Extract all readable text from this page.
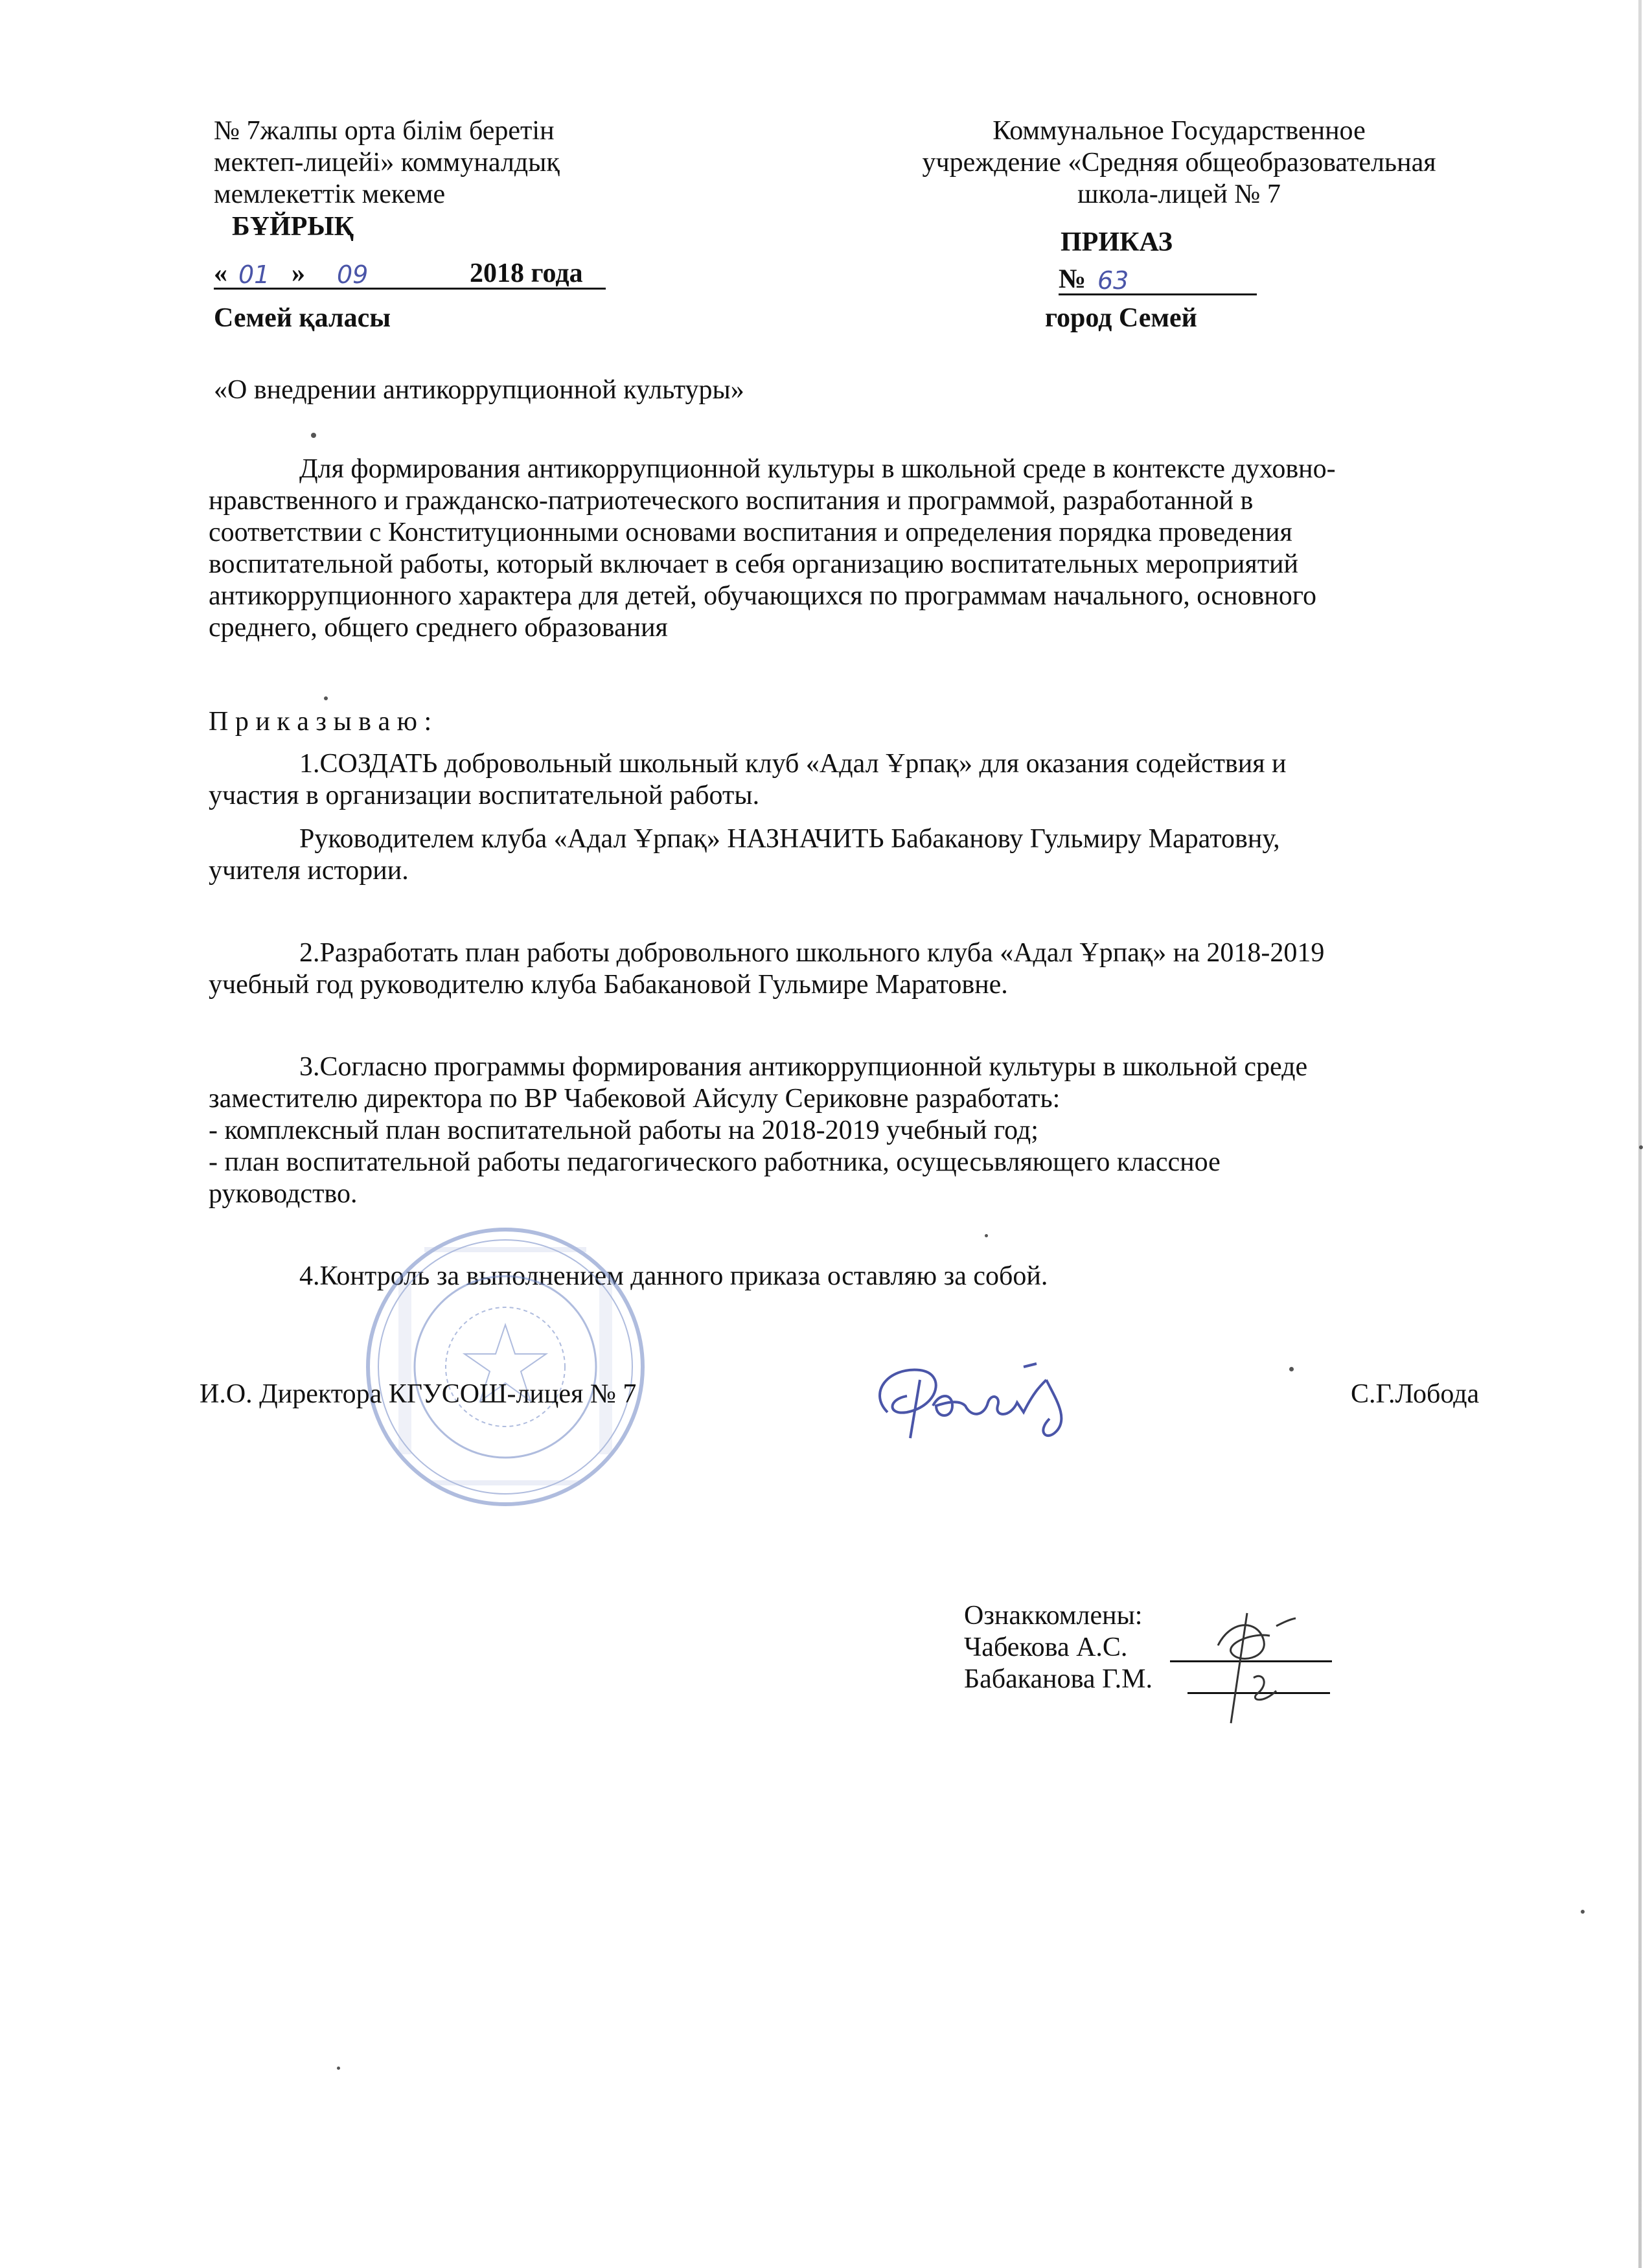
№ 7жалпы орта білім беретін
мектеп-лицейі» коммуналдық
мемлекеттік мекеме
БҰЙРЫҚ
« 01 » 09	2018 года
Семей қаласы
Коммунальное Государственное
учреждение «Средняя общеобразовательная
школа-лицей № 7
ПРИКАЗ
№ 63
город Семей
«О внедрении антикоррупционной культуры»
Для формирования антикоррупционной культуры в школьной среде в контексте духовно-
нравственного и гражданско-патриотеческого воспитания и программой, разработанной в
соответствии с Конституционными основами воспитания и определения порядка проведения
воспитательной работы, который включает в себя организацию воспитательных мероприятий
антикоррупционного характера для детей, обучающихся по программам начального, основного
среднего, общего среднего образования
П р и к а з ы в а ю :
1.СОЗДАТЬ добровольный школьный клуб «Адал Ұрпақ» для оказания содействия и
участия в организации воспитательной работы.
Руководителем клуба «Адал Ұрпақ» НАЗНАЧИТЬ Бабаканову Гульмиру Маратовну,
учителя истории.
2.Разработать план работы добровольного школьного клуба «Адал Ұрпақ» на 2018-2019
учебный год руководителю клуба Бабакановой Гульмире Маратовне.
3.Согласно программы формирования антикоррупционной культуры в школьной среде
заместителю директора по ВР Чабековой Айсулу Сериковне разработать:
- комплексный план воспитательной работы на 2018-2019 учебный год;
- план воспитательной работы педагогического работника, осущесьвляющего классное
руководство.
4.Контроль за выполнением данного приказа оставляю за собой.
И.О. Директора КГУСОШ-лицея № 7	С.Г.Лобода
Ознаккомлены:
Чабекова А.С.
Бабаканова Г.М.
